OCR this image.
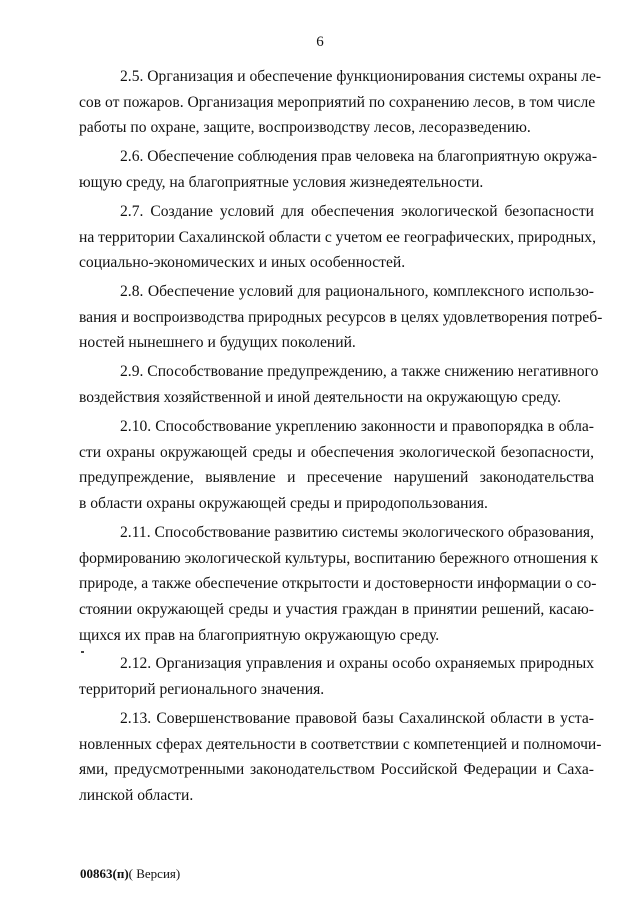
6
2.5. Организация и обеспечение функционирования системы охраны ле-
сов от пожаров. Организация мероприятий по сохранению лесов, в том числе
работы по охране, защите, воспроизводству лесов, лесоразведению.
2.6. Обеспечение соблюдения прав человека на благоприятную окружа-
ющую среду, на благоприятные условия жизнедеятельности.
2.7. Создание условий для обеспечения экологической безопасности
на территории Сахалинской области с учетом ее географических, природных,
социально-экономических и иных особенностей.
2.8. Обеспечение условий для рационального, комплексного использо-
вания и воспроизводства природных ресурсов в целях удовлетворения потреб-
ностей нынешнего и будущих поколений.
2.9. Способствование предупреждению, а также снижению негативного
воздействия хозяйственной и иной деятельности на окружающую среду.
2.10. Способствование укреплению законности и правопорядка в обла-
сти охраны окружающей среды и обеспечения экологической безопасности,
предупреждение, выявление и пресечение нарушений законодательства
в области охраны окружающей среды и природопользования.
2.11. Способствование развитию системы экологического образования,
формированию экологической культуры, воспитанию бережного отношения к
природе, а также обеспечение открытости и достоверности информации о со-
стоянии окружающей среды и участия граждан в принятии решений, касаю-
щихся их прав на благоприятную окружающую среду.
2.12. Организация управления и охраны особо охраняемых природных
территорий регионального значения.
2.13. Совершенствование правовой базы Сахалинской области в уста-
новленных сферах деятельности в соответствии с компетенцией и полномочи-
ями, предусмотренными законодательством Российской Федерации и Саха-
линской области.
00863(п)( Версия)
